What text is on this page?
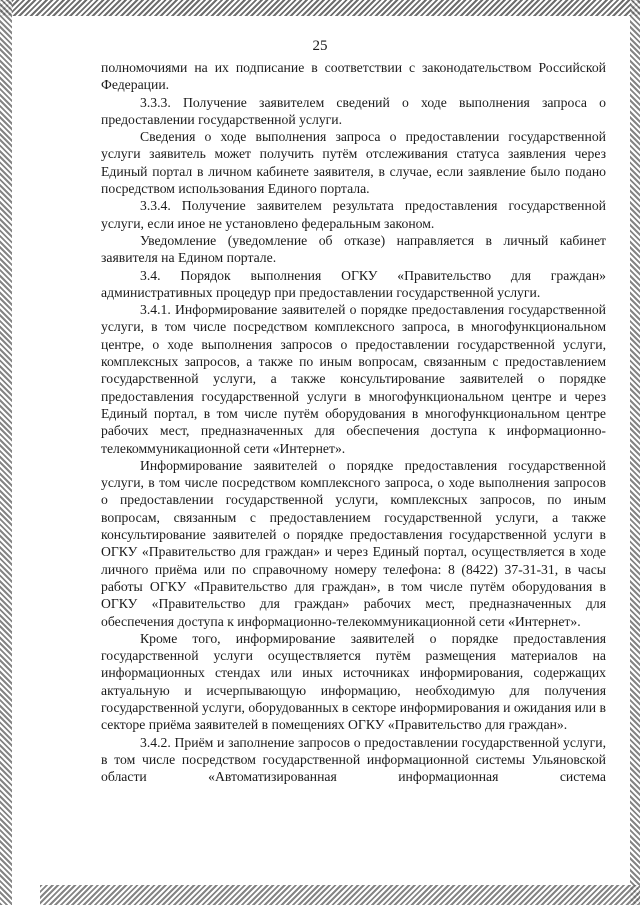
25

полномочиями на их подписание в соответствии с законодательством Российской Федерации.

3.3.3. Получение заявителем сведений о ходе выполнения запроса о предоставлении государственной услуги.

Сведения о ходе выполнения запроса о предоставлении государственной услуги заявитель может получить путём отслеживания статуса заявления через Единый портал в личном кабинете заявителя, в случае, если заявление было подано посредством использования Единого портала.

3.3.4. Получение заявителем результата предоставления государственной услуги, если иное не установлено федеральным законом.

Уведомление (уведомление об отказе) направляется в личный кабинет заявителя на Едином портале.

3.4. Порядок выполнения ОГКУ «Правительство для граждан» административных процедур при предоставлении государственной услуги.

3.4.1. Информирование заявителей о порядке предоставления государственной услуги, в том числе посредством комплексного запроса, в многофункциональном центре, о ходе выполнения запросов о предоставлении государственной услуги, комплексных запросов, а также по иным вопросам, связанным с предоставлением государственной услуги, а также консультирование заявителей о порядке предоставления государственной услуги в многофункциональном центре и через Единый портал, в том числе путём оборудования в многофункциональном центре рабочих мест, предназначенных для обеспечения доступа к информационно-телекоммуникационной сети «Интернет».

Информирование заявителей о порядке предоставления государственной услуги, в том числе посредством комплексного запроса, о ходе выполнения запросов о предоставлении государственной услуги, комплексных запросов, по иным вопросам, связанным с предоставлением государственной услуги, а также консультирование заявителей о порядке предоставления государственной услуги в ОГКУ «Правительство для граждан» и через Единый портал, осуществляется в ходе личного приёма или по справочному номеру телефона: 8 (8422) 37-31-31, в часы работы ОГКУ «Правительство для граждан», в том числе путём оборудования в ОГКУ «Правительство для граждан» рабочих мест, предназначенных для обеспечения доступа к информационно-телекоммуникационной сети «Интернет».

Кроме того, информирование заявителей о порядке предоставления государственной услуги осуществляется путём размещения материалов на информационных стендах или иных источниках информирования, содержащих актуальную и исчерпывающую информацию, необходимую для получения государственной услуги, оборудованных в секторе информирования и ожидания или в секторе приёма заявителей в помещениях ОГКУ «Правительство для граждан».

3.4.2. Приём и заполнение запросов о предоставлении государственной услуги, в том числе посредством государственной информационной системы Ульяновской области «Автоматизированная информационная система
